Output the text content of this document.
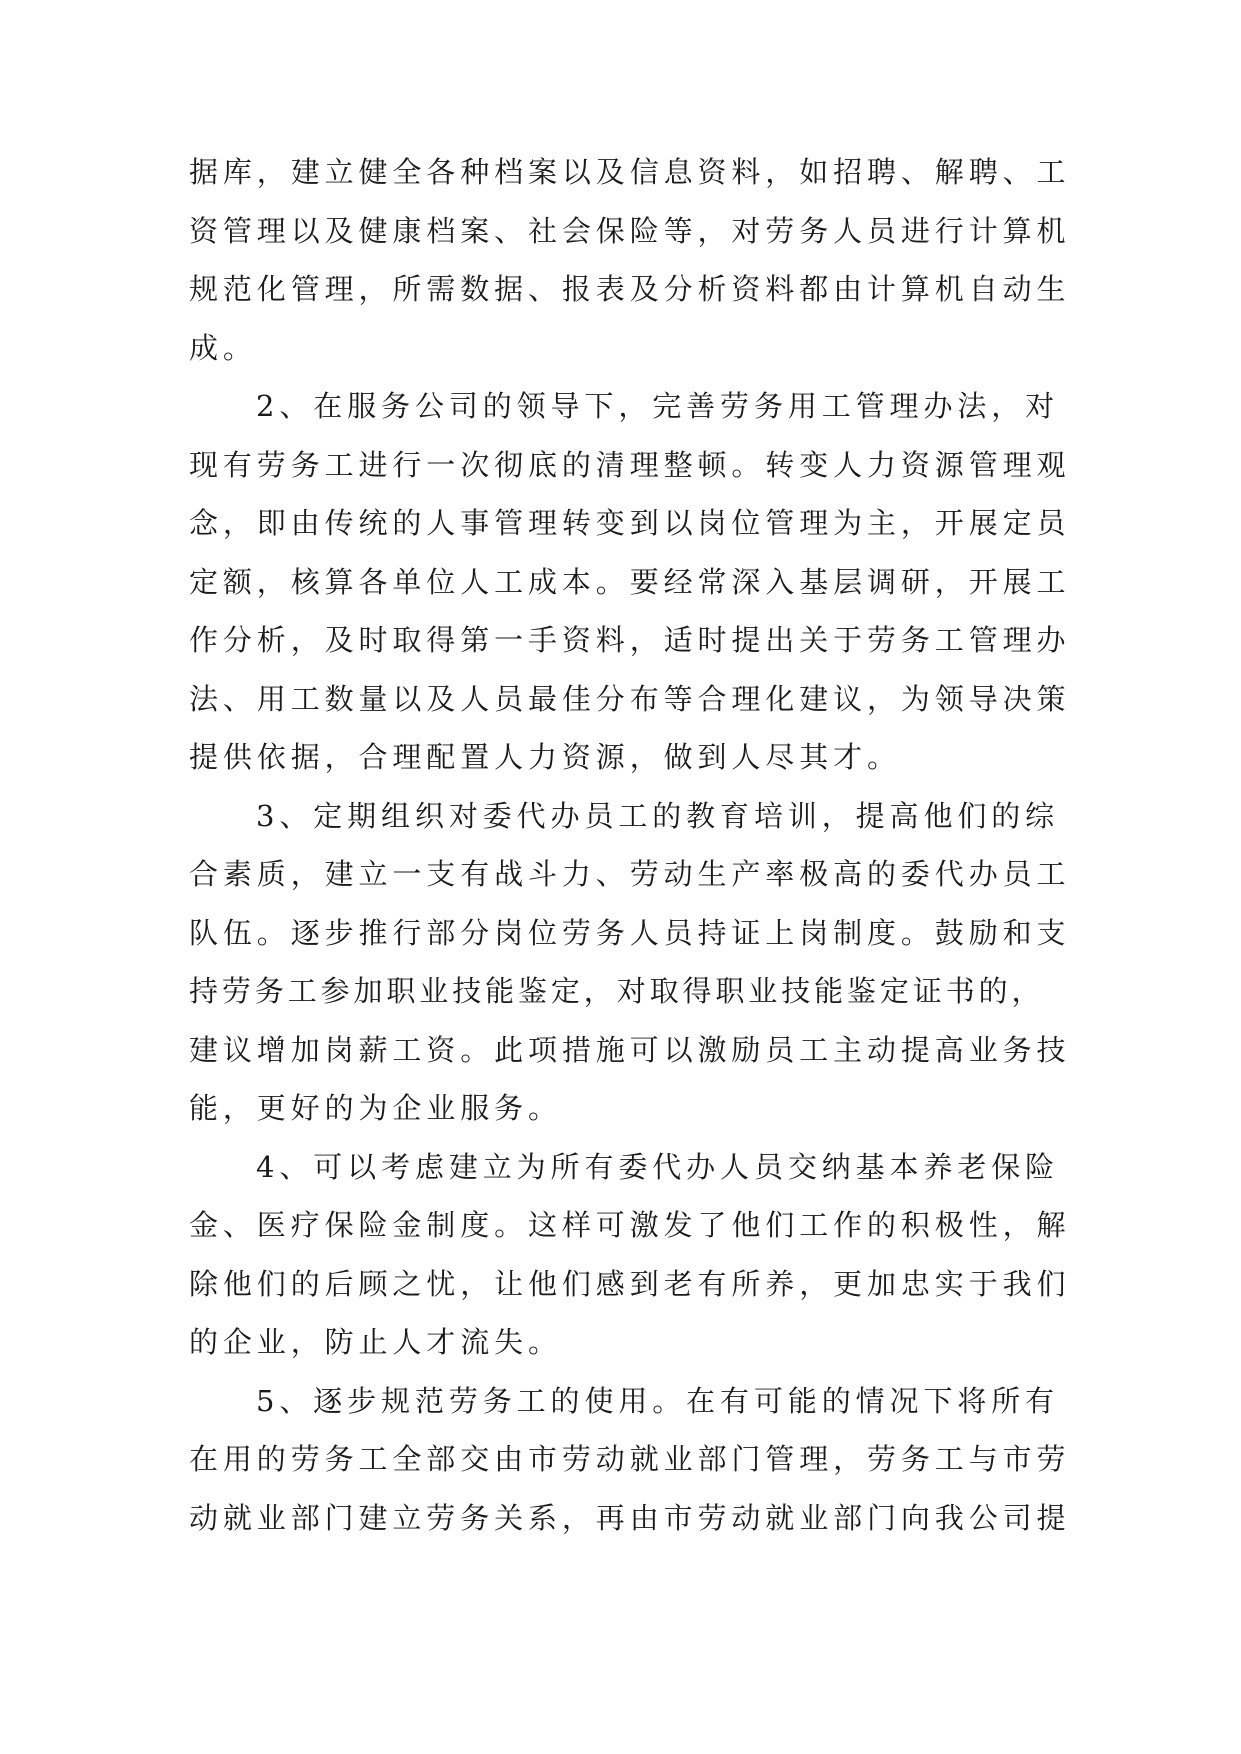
据库，建立健全各种档案以及信息资料，如招聘、解聘、工
资管理以及健康档案、社会保险等，对劳务人员进行计算机
规范化管理，所需数据、报表及分析资料都由计算机自动生
成。
2、在服务公司的领导下，完善劳务用工管理办法，对
现有劳务工进行一次彻底的清理整顿。转变人力资源管理观
念，即由传统的人事管理转变到以岗位管理为主，开展定员
定额，核算各单位人工成本。要经常深入基层调研，开展工
作分析，及时取得第一手资料，适时提出关于劳务工管理办
法、用工数量以及人员最佳分布等合理化建议，为领导决策
提供依据，合理配置人力资源，做到人尽其才。
3、定期组织对委代办员工的教育培训，提高他们的综
合素质，建立一支有战斗力、劳动生产率极高的委代办员工
队伍。逐步推行部分岗位劳务人员持证上岗制度。鼓励和支
持劳务工参加职业技能鉴定，对取得职业技能鉴定证书的，
建议增加岗薪工资。此项措施可以激励员工主动提高业务技
能，更好的为企业服务。
4、可以考虑建立为所有委代办人员交纳基本养老保险
金、医疗保险金制度。这样可激发了他们工作的积极性，解
除他们的后顾之忧，让他们感到老有所养，更加忠实于我们
的企业，防止人才流失。
5、逐步规范劳务工的使用。在有可能的情况下将所有
在用的劳务工全部交由市劳动就业部门管理，劳务工与市劳
动就业部门建立劳务关系，再由市劳动就业部门向我公司提
